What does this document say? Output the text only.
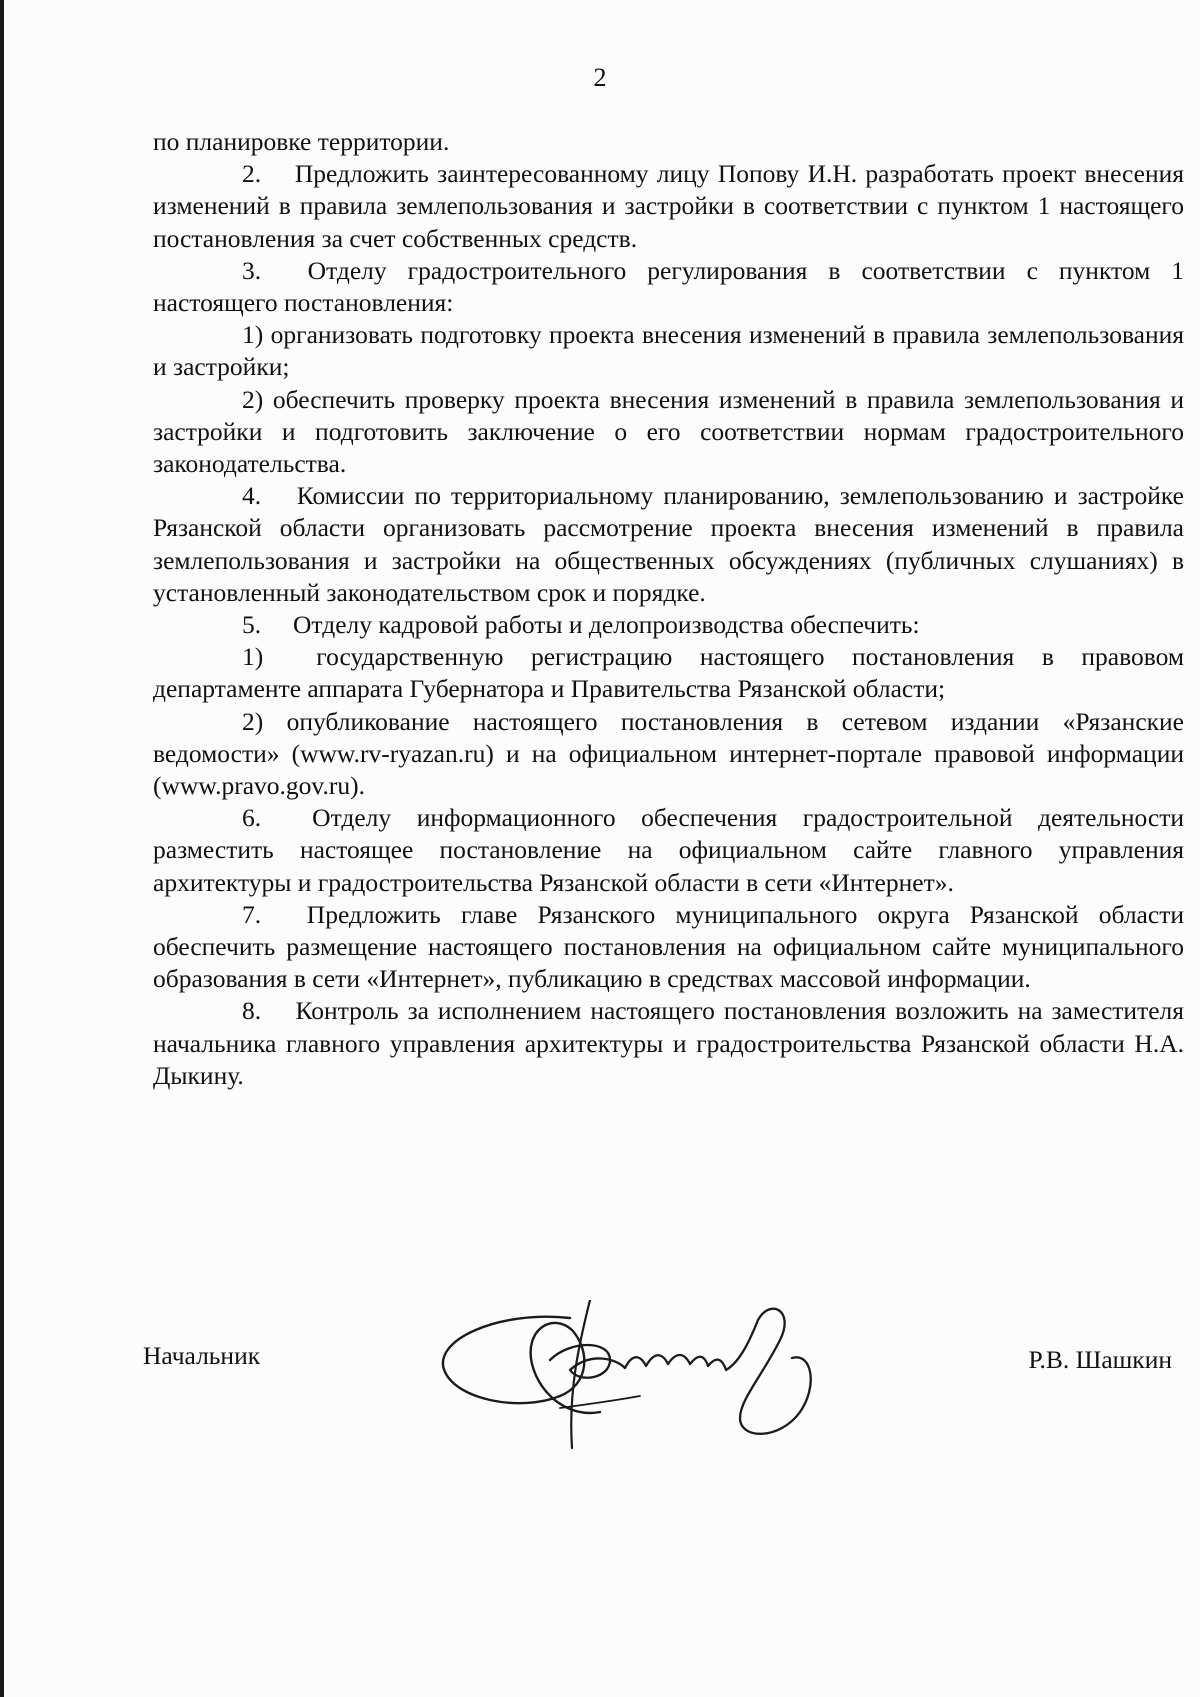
2

по планировке территории.

2.  Предложить заинтересованному лицу Попову И.Н. разработать проект внесения изменений в правила землепользования и застройки в соответствии с пунктом 1 настоящего постановления за счет собственных средств.

3.  Отделу градостроительного регулирования в соответствии с пунктом 1 настоящего постановления:

1) организовать подготовку проекта внесения изменений в правила землепользования и застройки;

2) обеспечить проверку проекта внесения изменений в правила землепользования и застройки и подготовить заключение о его соответствии нормам градостроительного законодательства.

4.  Комиссии по территориальному планированию, землепользованию и застройке Рязанской области организовать рассмотрение проекта внесения изменений в правила землепользования и застройки на общественных обсуждениях (публичных слушаниях) в установленный законодательством срок и порядке.

5.  Отделу кадровой работы и делопроизводства обеспечить:

1)  государственную регистрацию настоящего постановления в правовом департаменте аппарата Губернатора и Правительства Рязанской области;

2) опубликование настоящего постановления в сетевом издании «Рязанские ведомости» (www.rv-ryazan.ru) и на официальном интернет-портале правовой информации (www.pravo.gov.ru).

6.  Отделу информационного обеспечения градостроительной деятельности разместить настоящее постановление на официальном сайте главного управления архитектуры и градостроительства Рязанской области в сети «Интернет».

7.  Предложить главе Рязанского муниципального округа Рязанской области обеспечить размещение настоящего постановления на официальном сайте муниципального образования в сети «Интернет», публикацию в средствах массовой информации.

8.  Контроль за исполнением настоящего постановления возложить на заместителя начальника главного управления архитектуры и градостроительства Рязанской области Н.А. Дыкину.

Начальник	Р.В. Шашкин
